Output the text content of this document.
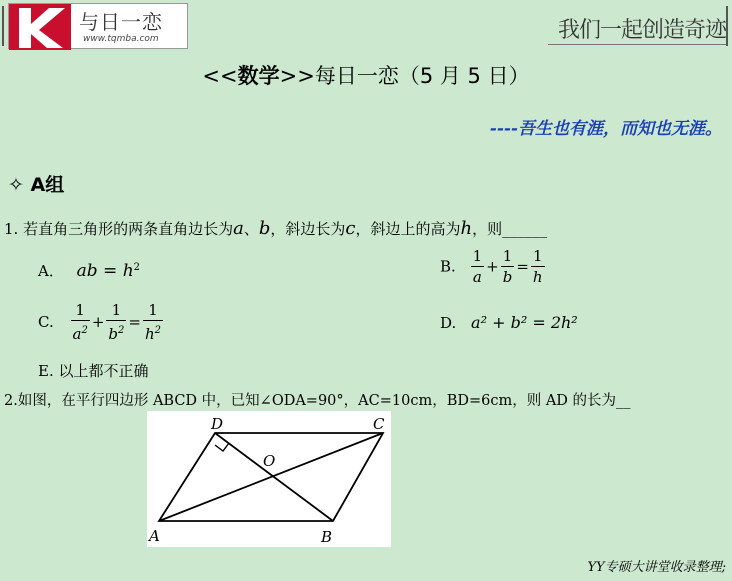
与日一恋
www.tqmba.com	我们一起创造奇迹
<<数学>>每日一恋（5 月 5 日）
----吾生也有涯，而知也无涯。
✧ A组
1. 若直角三角形的两条直角边长为a、b，斜边长为c，斜边上的高为h，则______
A． ab = $h^2$	B. $\frac{1}{a} + \frac{1}{b} = \frac{1}{h}$
C. $\frac{1}{a^2} + \frac{1}{b^2} = \frac{1}{h^2}$	D. a² + b² = 2h²
E. 以上都不正确
2.如图，在平行四边形 ABCD 中，已知∠ODA=90°，AC=10cm，BD=6cm，则 AD 的长为__
D	C
O
A	B
YY专硕大讲堂收录整理;
